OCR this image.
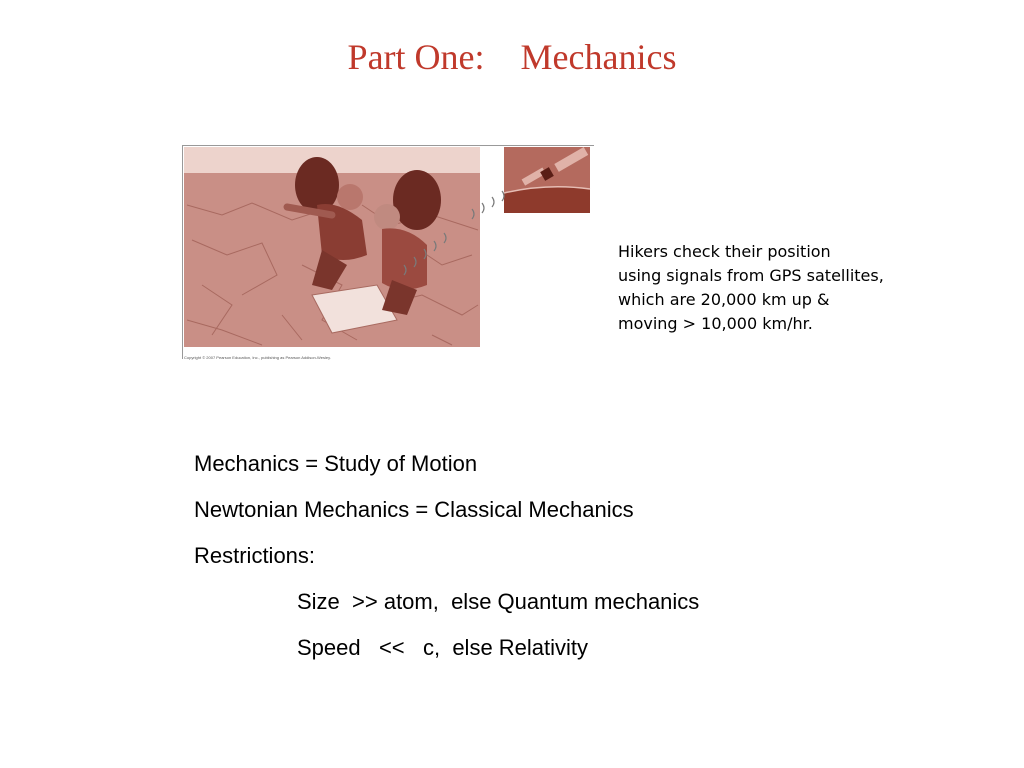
Part One:    Mechanics
Copyright © 2007 Pearson Education, Inc., publishing as Pearson Addison-Wesley.
Hikers check their position
using signals from GPS satellites,
which are 20,000 km up &
moving > 10,000 km/hr.
Mechanics = Study of Motion
Newtonian Mechanics = Classical Mechanics
Restrictions:
Size  >> atom,  else Quantum mechanics
Speed   <<   c,  else Relativity
